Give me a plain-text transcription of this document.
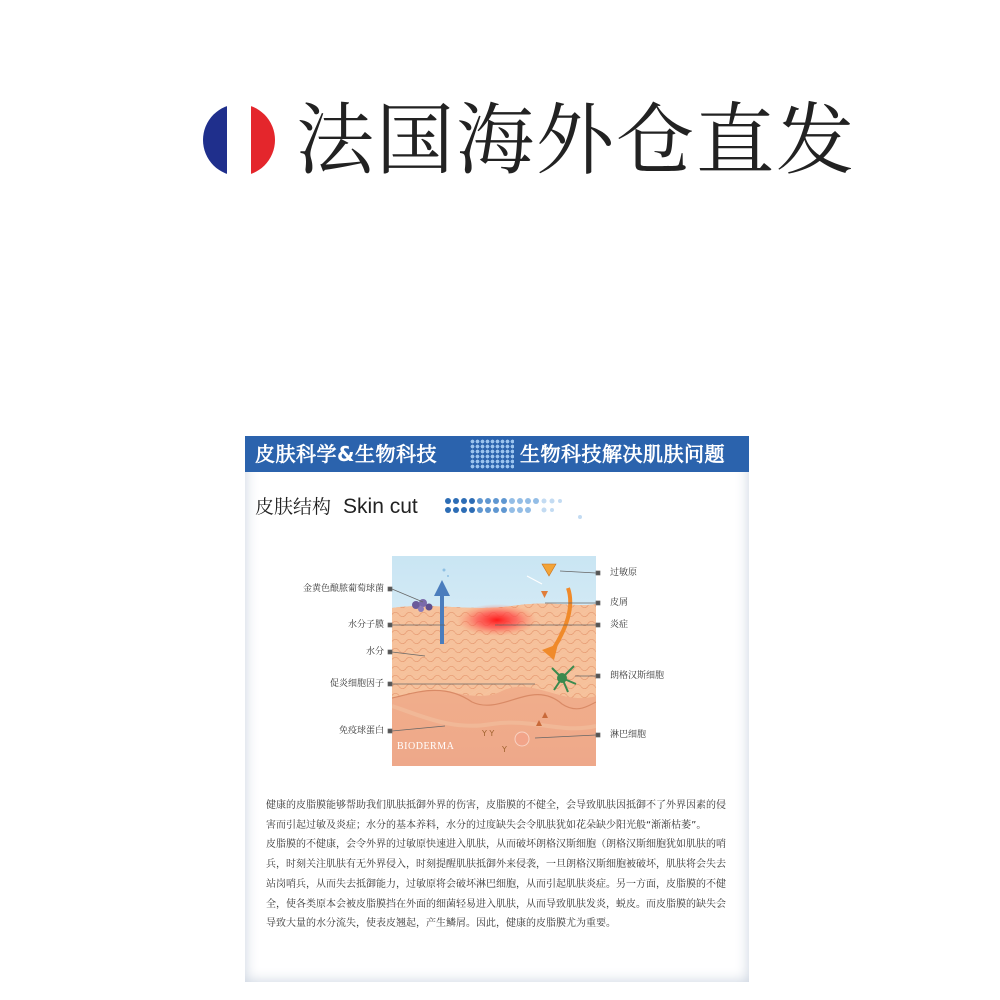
法国海外仓直发
皮肤科学&生物科技	生物科技解决肌肤问题
皮肤结构 Skin cut
Y Y
Y
BIODERMA
金黄色酿脓葡萄球菌
水分子膜
水分
促炎细胞因子
免疫球蛋白
过敏原
皮屑
炎症
朗格汉斯细胞
淋巴细胞

健康的皮脂膜能够帮助我们肌肤抵御外界的伤害，皮脂膜的不健全，会导致肌肤因抵御不了外界因素的侵害而引起过敏及炎症；水分的基本养料，水分的过度缺失会令肌肤犹如花朵缺少阳光般“渐渐枯萎”。

皮脂膜的不健康，会令外界的过敏原快速进入肌肤，从而破坏朗格汉斯细胞（朗格汉斯细胞犹如肌肤的哨兵，时刻关注肌肤有无外界侵入，时刻提醒肌肤抵御外来侵袭，一旦朗格汉斯细胞被破坏，肌肤将会失去站岗哨兵，从而失去抵御能力，过敏原将会破坏淋巴细胞，从而引起肌肤炎症。另一方面，皮脂膜的不健全，使各类原本会被皮脂膜挡在外面的细菌轻易进入肌肤，从而导致肌肤发炎，蜕皮。而皮脂膜的缺失会导致大量的水分流失，使表皮翘起，产生鳞屑。因此，健康的皮脂膜尤为重要。
